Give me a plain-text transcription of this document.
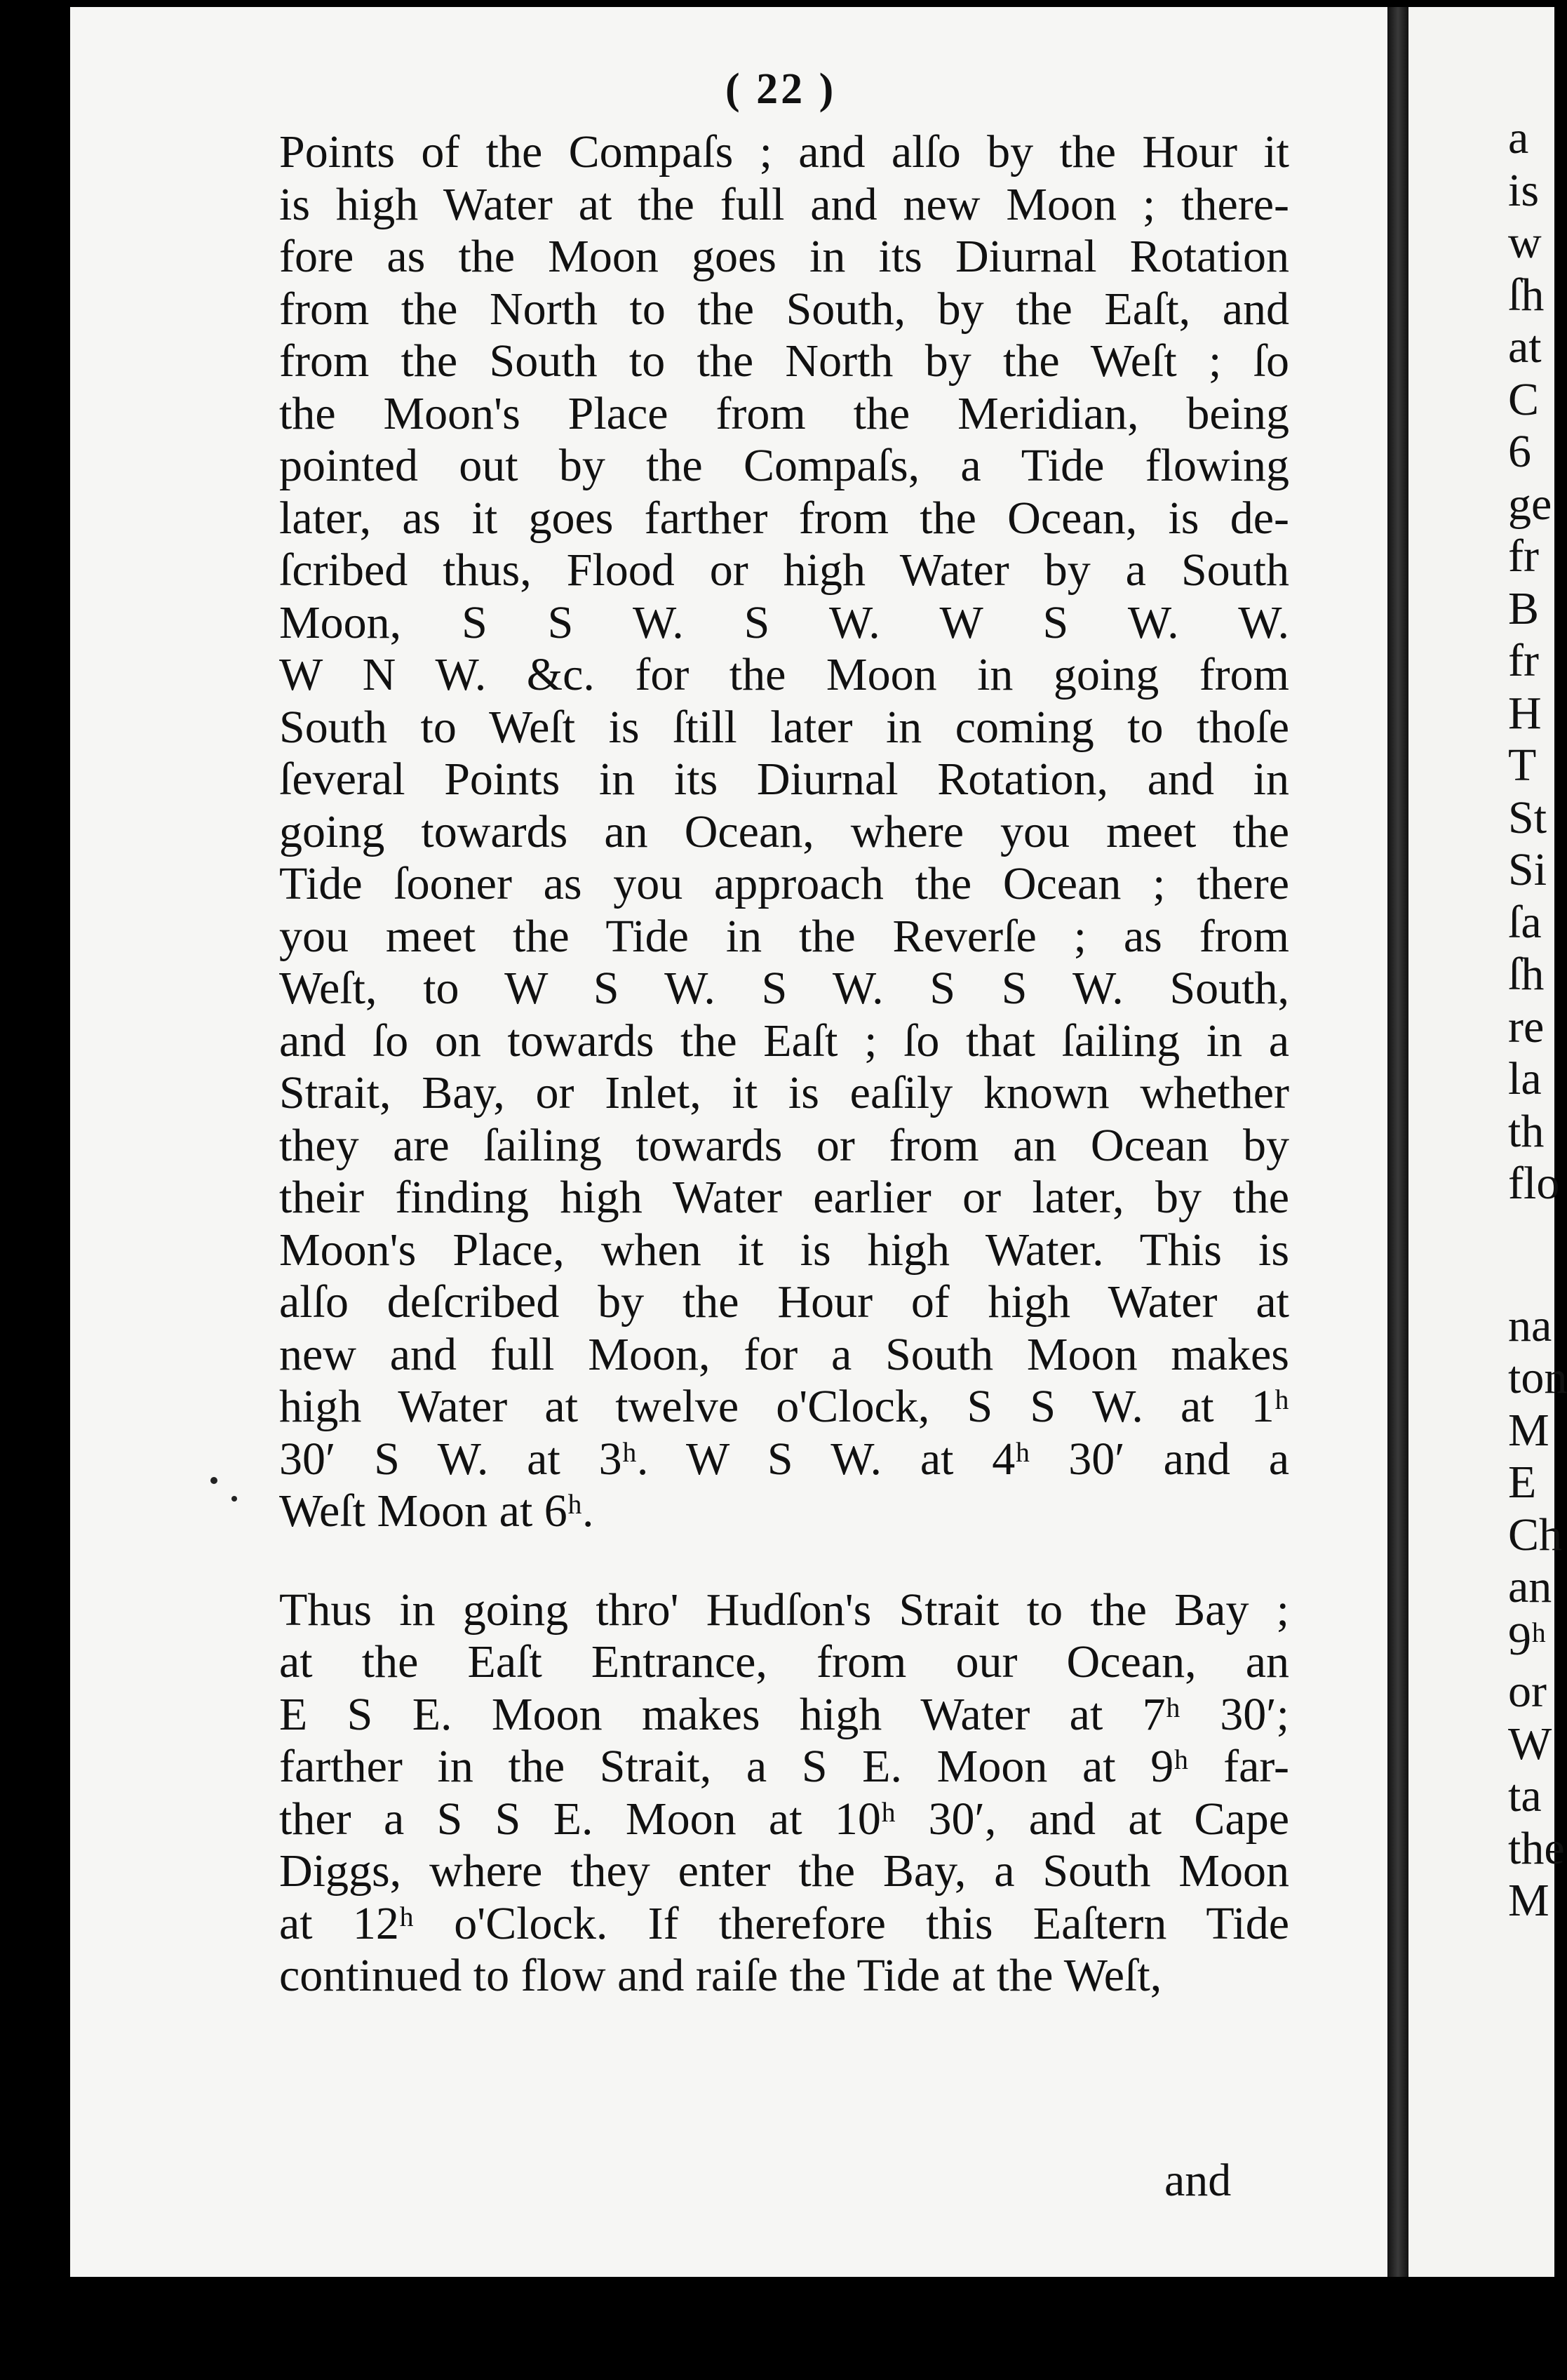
( 22 )
Points of the Compaſs ; and alſo by the Hour it
is high Water at the full and new Moon ; there-
fore as the Moon goes in its Diurnal Rotation
from the North to the South, by the Eaſt, and
from the South to the North by the Weſt ; ſo
the Moon's Place from the Meridian, being
pointed out by the Compaſs, a Tide flowing
later, as it goes farther from the Ocean, is de-
ſcribed thus, Flood or high Water by a South
Moon, S S W. S W. W S W. W.
W N W. &c. for the Moon in going from
South to Weſt is ſtill later in coming to thoſe
ſeveral Points in its Diurnal Rotation, and in
going towards an Ocean, where you meet the
Tide ſooner as you approach the Ocean ; there
you meet the Tide in the Reverſe ; as from
Weſt, to W S W. S W. S S W. South,
and ſo on towards the Eaſt ; ſo that ſailing in a
Strait, Bay, or Inlet, it is eaſily known whether
they are ſailing towards or from an Ocean by
their finding high Water earlier or later, by the
Moon's Place, when it is high Water. This is
alſo deſcribed by the Hour of high Water at
new and full Moon, for a South Moon makes
high Water at twelve o'Clock, S S W. at 1ʰ
30′ S W. at 3ʰ. W S W. at 4ʰ 30′ and a
Weſt Moon at 6ʰ.
Thus in going thro' Hudſon's Strait to the Bay ;
at the Eaſt Entrance, from our Ocean, an
E S E. Moon makes high Water at 7ʰ 30′;
farther in the Strait, a S E. Moon at 9ʰ far-
ther a S S E. Moon at 10ʰ 30′, and at Cape
Diggs, where they enter the Bay, a South Moon
at 12ʰ o'Clock. If therefore this Eaſtern Tide
continued to flow and raiſe the Tide at the Weſt,
and
a
is
w
ſh
at
C
6
ge
fr
B
fr
H
T
St
Si
ſa
ſh
re
la
th
flo
na
ton
M
E
Ch
an
9ʰ
or
W
ta
the
M
